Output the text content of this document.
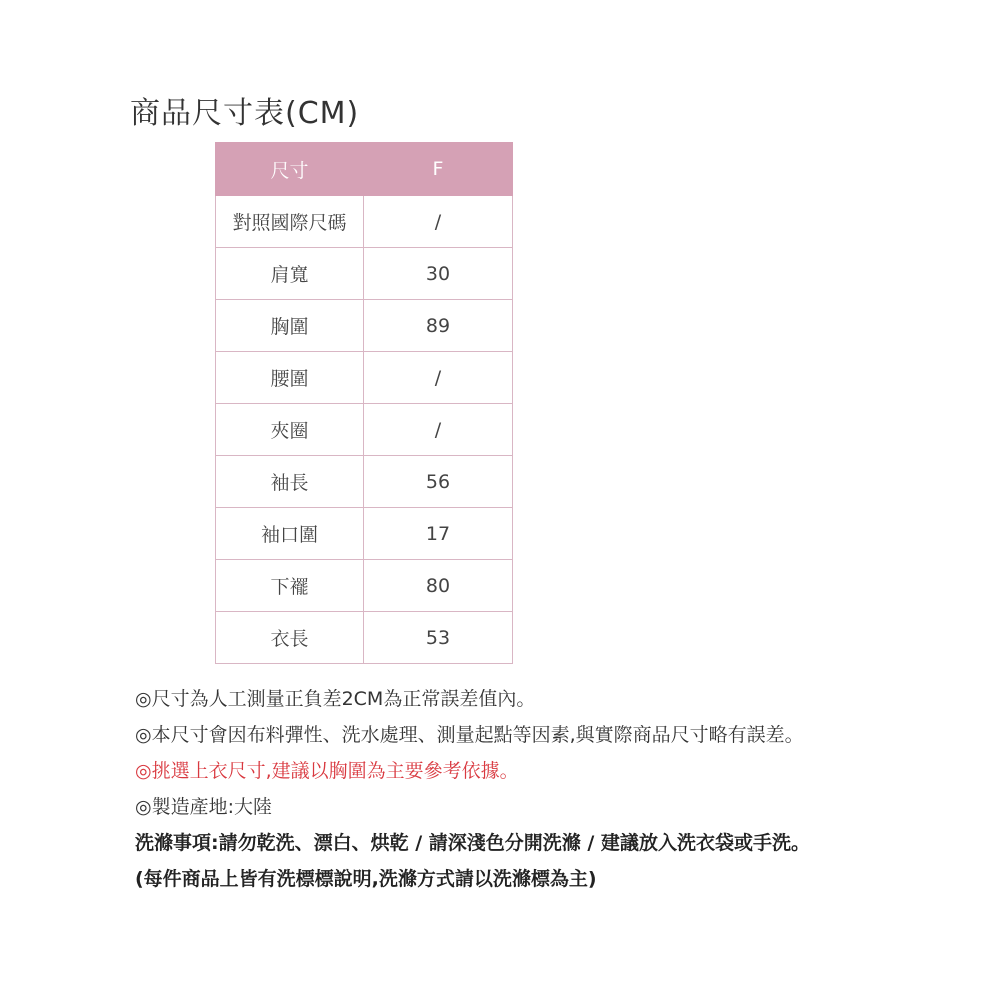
商品尺寸表(CM)
尺寸	F
對照國際尺碼	/
肩寬	30
胸圍	89
腰圍	/
夾圈	/
袖長	56
袖口圍	17
下襬	80
衣長	53
◎尺寸為人工測量正負差2CM為正常誤差值內。
◎本尺寸會因布料彈性、洗水處理、測量起點等因素,與實際商品尺寸略有誤差。
◎挑選上衣尺寸,建議以胸圍為主要參考依據。
◎製造產地:大陸
洗滌事項:請勿乾洗、漂白、烘乾 / 請深淺色分開洗滌 / 建議放入洗衣袋或手洗。
(每件商品上皆有洗標標說明,洗滌方式請以洗滌標為主)
